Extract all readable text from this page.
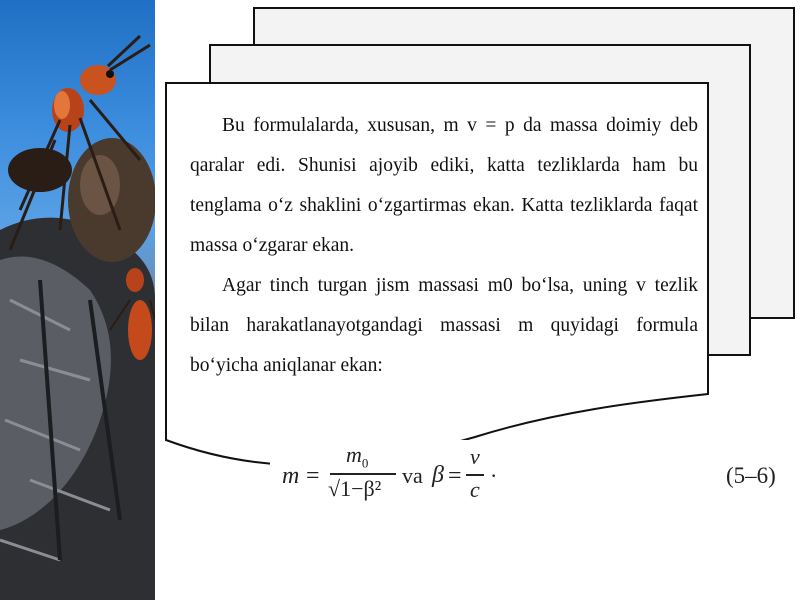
Bu formulalarda, xususan, m v = p da massa doimiy deb qaralar edi. Shunisi ajoyib ediki, katta tezliklarda ham bu tenglama o‘z shaklini o‘zgartirmas ekan. Katta tezliklarda faqat massa o‘zgarar ekan.

Agar tinch turgan jism massasi m0 bo‘lsa, uning v tezlik bilan harakatlanayotgandagi massasi m quyidagi formula bo‘yicha aniqlanar ekan:

m =
$m_0$
√1−β²
va β =
v
c
·	(5–6)
